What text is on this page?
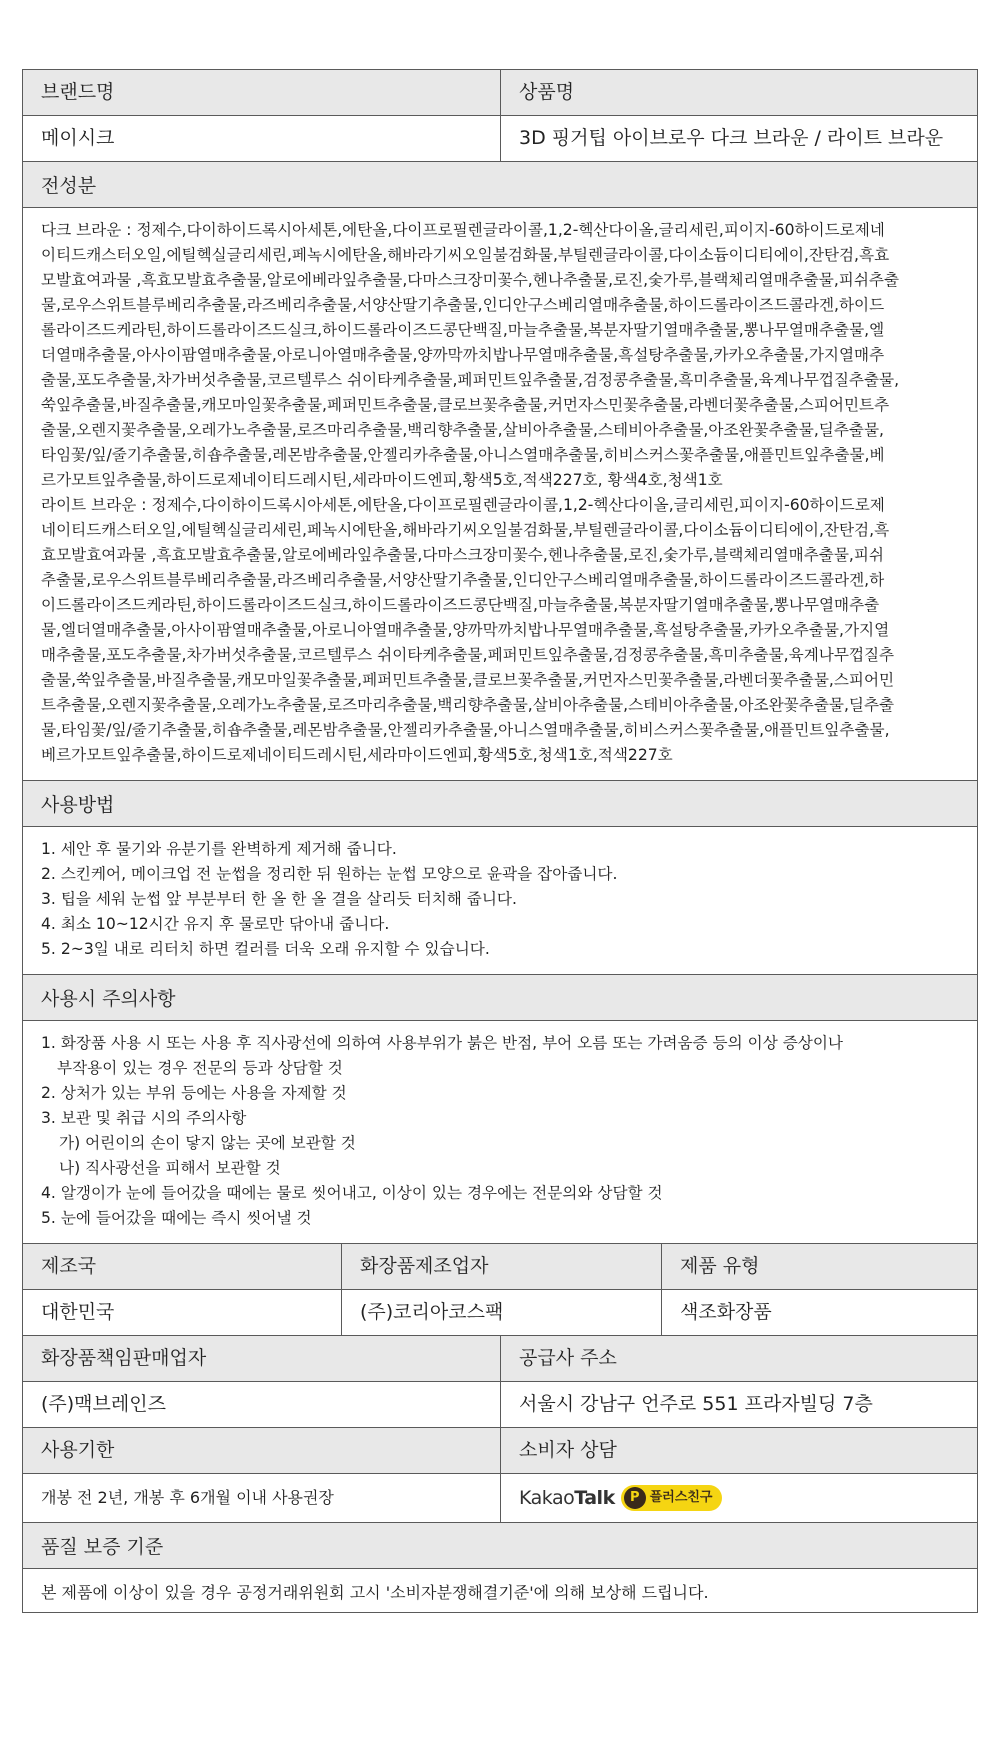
브랜드명	상품명
메이시크	3D 핑거팁 아이브로우 다크 브라운 / 라이트 브라운
전성분

다크 브라운 : 정제수,다이하이드록시아세톤,에탄올,다이프로필렌글라이콜,1,2-헥산다이올,글리세린,피이지-60하이드로제네

이티드캐스터오일,에틸헥실글리세린,페녹시에탄올,해바라기씨오일불검화물,부틸렌글라이콜,다이소듐이디티에이,잔탄검,흑효

모발효여과물 ,흑효모발효추출물,알로에베라잎추출물,다마스크장미꽃수,헨나추출물,로진,숯가루,블랙체리열매추출물,피쉬추출

물,로우스위트블루베리추출물,라즈베리추출물,서양산딸기추출물,인디안구스베리열매추출물,하이드롤라이즈드콜라겐,하이드

롤라이즈드케라틴,하이드롤라이즈드실크,하이드롤라이즈드콩단백질,마늘추출물,복분자딸기열매추출물,뽕나무열매추출물,엘

더열매추출물,아사이팜열매추출물,아로니아열매추출물,양까막까치밥나무열매추출물,흑설탕추출물,카카오추출물,가지열매추

출물,포도추출물,차가버섯추출물,코르텔루스 쉬이타케추출물,페퍼민트잎추출물,검정콩추출물,흑미추출물,육계나무껍질추출물,

쑥잎추출물,바질추출물,캐모마일꽃추출물,페퍼민트추출물,클로브꽃추출물,커먼자스민꽃추출물,라벤더꽃추출물,스피어민트추

출물,오렌지꽃추출물,오레가노추출물,로즈마리추출물,백리향추출물,살비아추출물,스테비아추출물,아조완꽃추출물,딜추출물,

타임꽃/잎/줄기추출물,히숍추출물,레몬밤추출물,안젤리카추출물,아니스열매추출물,히비스커스꽃추출물,애플민트잎추출물,베

르가모트잎추출물,하이드로제네이티드레시틴,세라마이드엔피,황색5호,적색227호, 황색4호,청색1호

라이트 브라운 : 정제수,다이하이드록시아세톤,에탄올,다이프로필렌글라이콜,1,2-헥산다이올,글리세린,피이지-60하이드로제

네이티드캐스터오일,에틸헥실글리세린,페녹시에탄올,해바라기씨오일불검화물,부틸렌글라이콜,다이소듐이디티에이,잔탄검,흑

효모발효여과물 ,흑효모발효추출물,알로에베라잎추출물,다마스크장미꽃수,헨나추출물,로진,숯가루,블랙체리열매추출물,피쉬

추출물,로우스위트블루베리추출물,라즈베리추출물,서양산딸기추출물,인디안구스베리열매추출물,하이드롤라이즈드콜라겐,하

이드롤라이즈드케라틴,하이드롤라이즈드실크,하이드롤라이즈드콩단백질,마늘추출물,복분자딸기열매추출물,뽕나무열매추출

물,엘더열매추출물,아사이팜열매추출물,아로니아열매추출물,양까막까치밥나무열매추출물,흑설탕추출물,카카오추출물,가지열

매추출물,포도추출물,차가버섯추출물,코르텔루스 쉬이타케추출물,페퍼민트잎추출물,검정콩추출물,흑미추출물,육계나무껍질추

출물,쑥잎추출물,바질추출물,캐모마일꽃추출물,페퍼민트추출물,클로브꽃추출물,커먼자스민꽃추출물,라벤더꽃추출물,스피어민

트추출물,오렌지꽃추출물,오레가노추출물,로즈마리추출물,백리향추출물,살비아추출물,스테비아추출물,아조완꽃추출물,딜추출

물,타임꽃/잎/줄기추출물,히숍추출물,레몬밤추출물,안젤리카추출물,아니스열매추출물,히비스커스꽃추출물,애플민트잎추출물,

베르가모트잎추출물,하이드로제네이티드레시틴,세라마이드엔피,황색5호,청색1호,적색227호

사용방법
1. 세안 후 물기와 유분기를 완벽하게 제거해 줍니다.
2. 스킨케어, 메이크업 전 눈썹을 정리한 뒤 원하는 눈썹 모양으로 윤곽을 잡아줍니다.
3. 팁을 세워 눈썹 앞 부분부터 한 올 한 올 결을 살리듯 터치해 줍니다.
4. 최소 10~12시간 유지 후 물로만 닦아내 줍니다.
5. 2~3일 내로 리터치 하면 컬러를 더욱 오래 유지할 수 있습니다.
사용시 주의사항
1. 화장품 사용 시 또는 사용 후 직사광선에 의하여 사용부위가 붉은 반점, 부어 오름 또는 가려움증 등의 이상 증상이나
부작용이 있는 경우 전문의 등과 상담할 것
2. 상처가 있는 부위 등에는 사용을 자제할 것
3. 보관 및 취급 시의 주의사항
가) 어린이의 손이 닿지 않는 곳에 보관할 것
나) 직사광선을 피해서 보관할 것
4. 알갱이가 눈에 들어갔을 때에는 물로 씻어내고, 이상이 있는 경우에는 전문의와 상담할 것
5. 눈에 들어갔을 때에는 즉시 씻어낼 것
제조국	화장품제조업자	제품 유형
대한민국	(주)코리아코스팩	색조화장품
화장품책임판매업자	공급사 주소
(주)맥브레인즈	서울시 강남구 언주로 551 프라자빌딩 7층
사용기한	소비자 상담
개봉 전 2년, 개봉 후 6개월 이내 사용권장	KakaoTalk	P 플러스친구
품질 보증 기준
본 제품에 이상이 있을 경우 공정거래위원회 고시 '소비자분쟁해결기준'에 의해 보상해 드립니다.
